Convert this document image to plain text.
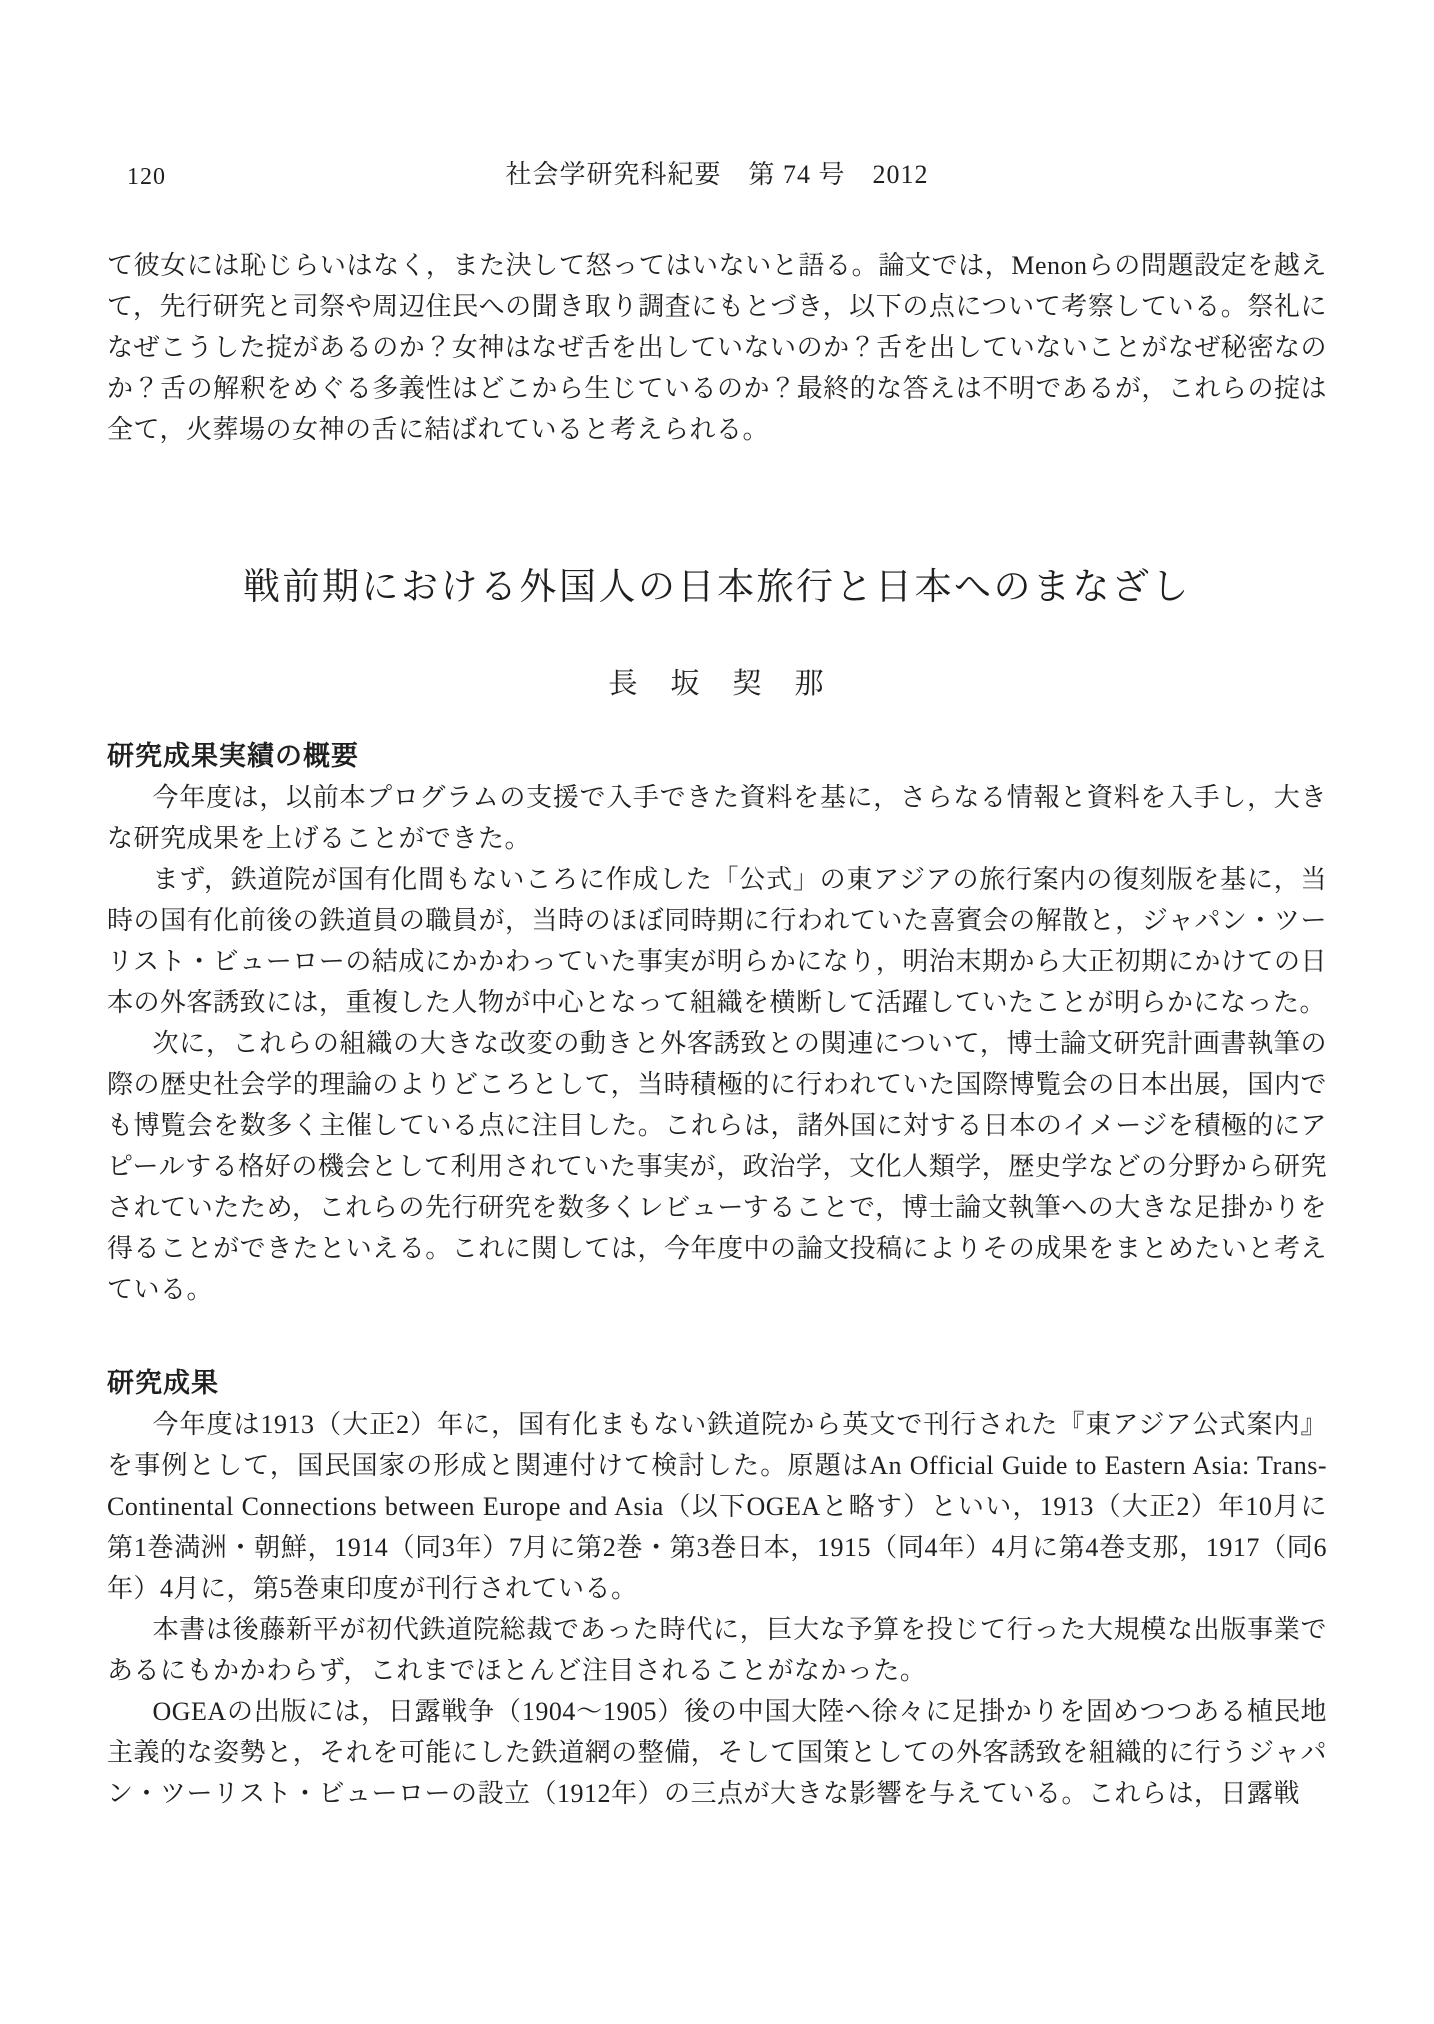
120	社会学研究科紀要　第 74 号　2012

て彼女には恥じらいはなく，また決して怒ってはいないと語る。論文では，Menonらの問題設定を越えて，先行研究と司祭や周辺住民への聞き取り調査にもとづき，以下の点について考察している。祭礼になぜこうした掟があるのか？女神はなぜ舌を出していないのか？舌を出していないことがなぜ秘密なのか？舌の解釈をめぐる多義性はどこから生じているのか？最終的な答えは不明であるが，これらの掟は全て，火葬場の女神の舌に結ばれていると考えられる。

戦前期における外国人の日本旅行と日本へのまなざし
長　坂　契　那
研究成果実績の概要

今年度は，以前本プログラムの支援で入手できた資料を基に，さらなる情報と資料を入手し，大きな研究成果を上げることができた。

まず，鉄道院が国有化間もないころに作成した「公式」の東アジアの旅行案内の復刻版を基に，当時の国有化前後の鉄道員の職員が，当時のほぼ同時期に行われていた喜賓会の解散と，ジャパン・ツーリスト・ビューローの結成にかかわっていた事実が明らかになり，明治末期から大正初期にかけての日本の外客誘致には，重複した人物が中心となって組織を横断して活躍していたことが明らかになった。

次に，これらの組織の大きな改変の動きと外客誘致との関連について，博士論文研究計画書執筆の際の歴史社会学的理論のよりどころとして，当時積極的に行われていた国際博覧会の日本出展，国内でも博覧会を数多く主催している点に注目した。これらは，諸外国に対する日本のイメージを積極的にアピールする格好の機会として利用されていた事実が，政治学，文化人類学，歴史学などの分野から研究されていたため，これらの先行研究を数多くレビューすることで，博士論文執筆への大きな足掛かりを得ることができたといえる。これに関しては，今年度中の論文投稿によりその成果をまとめたいと考えている。

研究成果

今年度は1913（大正2）年に，国有化まもない鉄道院から英文で刊行された『東アジア公式案内』を事例として，国民国家の形成と関連付けて検討した。原題はAn Official Guide to Eastern Asia: Trans-Continental Connections between Europe and Asia（以下OGEAと略す）といい，1913（大正2）年10月に第1巻満洲・朝鮮，1914（同3年）7月に第2巻・第3巻日本，1915（同4年）4月に第4巻支那，1917（同6年）4月に，第5巻東印度が刊行されている。

本書は後藤新平が初代鉄道院総裁であった時代に，巨大な予算を投じて行った大規模な出版事業であるにもかかわらず，これまでほとんど注目されることがなかった。

OGEAの出版には，日露戦争（1904～1905）後の中国大陸へ徐々に足掛かりを固めつつある植民地主義的な姿勢と，それを可能にした鉄道網の整備，そして国策としての外客誘致を組織的に行うジャパン・ツーリスト・ビューローの設立（1912年）の三点が大きな影響を与えている。これらは，日露戦
